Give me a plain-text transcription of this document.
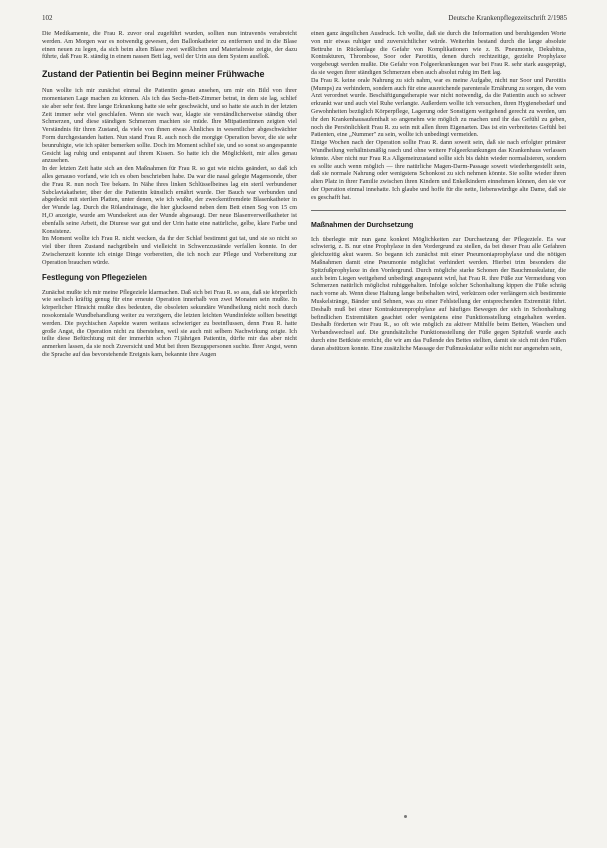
102	Deutsche Krankenpflegezeitschrift 2/1985

Die Medikamente, die Frau R. zuvor oral zugeführt wurden, sollten nun intravenös verabreicht werden. Am Morgen war es notwendig gewesen, den Ballonkatheter zu entfernen und in die Blase einen neuen zu legen, da sich beim alten Blase zwei weißlichen und Materialreste zeigte, der dazu führte, daß Frau R. ständig in einem nassen Bett lag, weil der Urin aus dem System ausfloß.

Zustand der Patientin bei Beginn meiner Frühwache

Nun wollte ich mir zunächst einmal die Patientin genau ansehen, um mir ein Bild von ihrer momentanen Lage machen zu können. Als ich das Sechs-Bett-Zimmer betrat, in dem sie lag, schlief sie aber sehr fest. Ihre lange Erkrankung hatte sie sehr geschwächt, und so hatte sie auch in der letzten Zeit immer sehr viel geschlafen. Wenn sie wach war, klagte sie verständlicherweise ständig über Schmerzen, und diese ständigen Schmerzen machten sie müde. Ihre Mitpatientinnen zeigten viel Verständnis für ihren Zustand, da viele von ihnen etwas Ähnliches in wesentlicher abgeschwächter Form durchgestanden hatten. Nun stand Frau R. auch noch die morgige Operation bevor, die sie sehr beunruhigte, wie ich später bemerken sollte. Doch im Moment schlief sie, und so sonst so angespannte Gesicht lag ruhig und entspannt auf ihrem Kissen. So hatte ich die Möglichkeit, mir alles genau anzusehen.

In der letzten Zeit hatte sich an den Maßnahmen für Frau R. so gut wie nichts geändert, so daß ich alles genauso vorfand, wie ich es oben beschrieben habe. Da war die nasal gelegte Magensonde, über die Frau R. nun noch Tee bekam. In Nähe ihres linken Schlüsselbeines lag ein steril verbundener Subclaviakatheter, über der die Patientin künstlich ernährt wurde. Der Bauch war verbunden und abgedeckt mit sterilen Platten, unter denen, wie ich wußte, der zweckentfremdete Blasenkatheter in der Wunde lag. Durch die Rölandrainage, die hier glucksend neben dem Bett einen Sog von 15 cm H₂O anzeigte, wurde am Wundsekret aus der Wunde abgesaugt. Der neue Blasenverweilkatheter ist ebenfalls seine Arbeit, die Diurese war gut und der Urin hatte eine natürliche, gelbe, klare Farbe und Konsistenz.

Im Moment wollte ich Frau R. nicht wecken, da ihr der Schlaf bestimmt gut tat, und sie so nicht so viel über ihren Zustand nachgrübeln und vielleicht in Schwerzzustände verfallen konnte. In der Zwischenzeit konnte ich einige Dinge vorbereiten, die ich noch zur Pflege und Vorbereitung zur Operation brauchen würde.

Festlegung von Pflegezielen

Zunächst mußte ich mir meine Pflegeziele klarmachen. Daß sich bei Frau R. so aus, daß sie körperlich wie seelisch kräftig genug für eine erneute Operation innerhalb von zwei Monaten sein mußte. In körperlicher Hinsicht mußte dies bedeuten, die obsoleten sekundäre Wundheilung nicht noch durch nosokomiale Wundbehandlung weiter zu verzögern, die letzten leichten Wundinfekte sollten beseitigt werden. Die psychischen Aspekte waren weitaus schwieriger zu beeinflussen, denn Frau R. hatte große Angst, die Operation nicht zu überstehen, weil sie auch mit selbem Nachwirkung zeigte. Ich teilte diese Befürchtung mit der immerhin schon 71jährigen Patientin, dürfte mir das aber nicht anmerken lassen, da sie noch Zuversicht und Mut bei ihren Bezugspersonen suchte. Ihrer Angst, wenn die Sprache auf das bevorstehende Ereignis kam, bekannte ihre Augen

einen ganz ängstlichen Ausdruck. Ich wollte, daß sie durch die Information und beruhigenden Worte von mir etwas ruhiger und zuversichtlicher würde. Weiterhin bestand durch die lange absolute Bettruhe in Rückenlage die Gefahr von Komplikationen wie z. B. Pneumonie, Dekubitus, Kontrakturen, Thrombose, Soor oder Parotitis, denen durch rechtzeitige, gezielte Prophylaxe vorgebeugt werden mußte. Die Gefahr von Folgeerkrankungen war bei Frau R. sehr stark ausgeprägt, da sie wegen ihrer ständigen Schmerzen eben auch absolut ruhig im Bett lag.

Da Frau R. keine orale Nahrung zu sich nahm, war es meine Aufgabe, nicht nur Soor und Parotitis (Mumps) zu verhindern, sondern auch für eine ausreichende parenterale Ernährung zu sorgen, die vom Arzt verordnet wurde. Beschäftigungstherapie war nicht notwendig, da die Patientin auch so schwer erkrankt war und auch viel Ruhe verlangte. Außerdem wollte ich versuchen, ihren Hygienebedarf und Gewohnheiten bezüglich Körperpflege, Lagerung oder Sonstigem weitgehend gerecht zu werden, um ihr den Krankenhausaufenthalt so angenehm wie möglich zu machen und ihr das Gefühl zu geben, noch die Persönlichkeit Frau R. zu sein mit allen ihren Eigenarten. Das ist ein verbreitetes Gefühl bei Patienten, eine „Nummer" zu sein, wollte ich unbedingt vermeiden.

Einige Wochen nach der Operation sollte Frau R. dann soweit sein, daß sie nach erfolgter primärer Wundheilung verhältnismäßig rasch und ohne weitere Folgeerkrankungen das Krankenhaus verlassen könnte. Aber nicht nur Frau R.s Allgemeinzustand sollte sich bis dahin wieder normalisieren, sondern es sollte auch wenn möglich — ihre natürliche Magen-Darm-Passage soweit wiederhergestellt sein, daß sie normale Nahrung oder wenigstens Schonkost zu sich nehmen könnte. Sie sollte wieder ihren alten Platz in ihrer Familie zwischen ihren Kindern und Enkelkindern einnehmen können, den sie vor der Operation einmal innehatte. Ich glaube und hoffe für die nette, liebenswürdige alte Dame, daß sie es geschafft hat.

Maßnahmen der Durchsetzung

Ich überlegte mir nun ganz konkret Möglichkeiten zur Durchsetzung der Pflegeziele. Es war schwierig, z. B. nur eine Prophylaxe in den Vordergrund zu stellen, da bei dieser Frau alle Gefahren gleichzeitig akut waren. So begann ich zunächst mit einer Pneumoniaprophylaxe und die nötigen Maßnahmen damit eine Pneumonie möglichst verhindert werden. Hierbei trim besonders die Spitzfußprophylaxe in den Vordergrund. Durch mögliche starke Schonen der Bauchmuskulatur, die auch beim Liegen weitgehend unbedingt angespannt wird, hat Frau R. ihre Füße zur Vermeidung von Schmerzen natürlich möglichst ruhiggehalten. Infolge solcher Schonhaltung kippen die Füße schräg nach vorne ab. Wenn diese Haltung lange beibehalten wird, verkürzen oder verlängern sich bestimmte Muskelstränge, Bänder und Sehnen, was zu einer Fehlstellung der entsprechenden Extremität führt. Deshalb muß bei einer Kontrakturenprophylaxe auf häufiges Bewegen der sich in Schonhaltung befindlichen Extremitäten geachtet oder wenigstens eine Funktionsstellung eingehalten werden. Deshalb förderten wir Frau R., so oft wie möglich zu aktiver Mithilfe beim Betten, Waschen und Verbandswechsel auf. Die grundsätzliche Funktionsstellung der Füße gegen Spitzfuß wurde auch durch eine Bettkiste erreicht, die wir am das Fußende des Bettes stellten, damit sie sich mit den Füßen daran abstützen konnte. Eine zusätzliche Massage der Fußmuskulatur sollte nicht nur angenehm sein,
